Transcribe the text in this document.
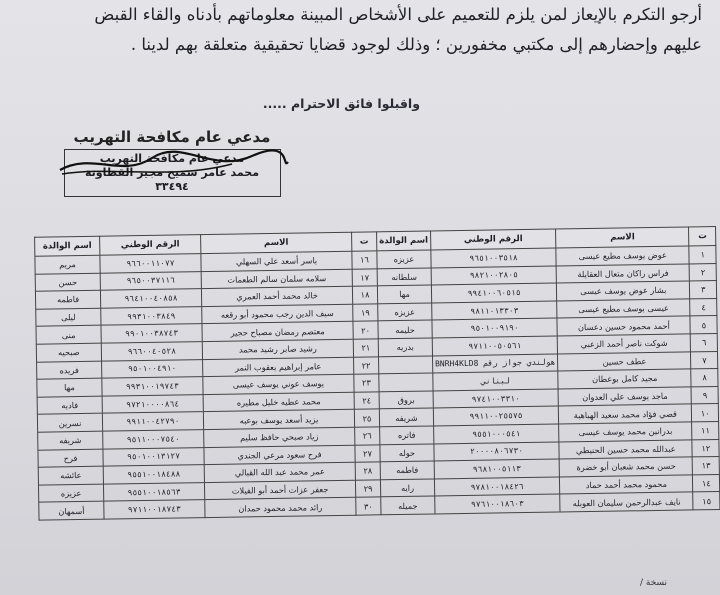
أرجو التكرم بالإيعاز لمن يلزم للتعميم على الأشخاص المبينة معلوماتهم بأدناه والقاء القبض

عليهم وإحضارهم إلى مكتبي مخفورين ؛ وذلك لوجود قضايا تحقيقية متعلقة بهم لدينا .

واقبلوا فائق الاحترام .....
مدعي عام مكافحة التهريب
مدعي عام مكافحة التهريب
محمد عامر سميح مجير القطاونة
٣٣٤٩٤
ت	الاسم	الرقم الوطني	اسم الوالدة	ت	الاسم	الرقم الوطني	اسم الوالدة
١	عوض يوسف مطيع عيسى	٩٦٥١٠٠٣٥١٨	عزيزه	١٦	ياسر أسعد علي السهلي	٩٦٦٠٠١١٠٧٧	مريم
٢	فراس راكان متعال العقايلة	٩٨٢١٠٠٢٨٠٥	سلطانه	١٧	سلامه سلمان سالم الطعمات	٩٦٥٠٠٣٧١١٦	حسن
٣	بشار عوض يوسف عيسى	٩٩٤١٠٠٦٠٥١٥	مها	١٨	خالد محمد أحمد العمري	٩٦٤١٠٠٤٠٨٥٨	فاطمه
٤	عيسى يوسف مطيع عيسى	٩٨١١٠١٣٣٠٣	عزيزه	١٩	سيف الدين رجب محمود أبو رقعه	٩٩٣١٠٠٣٨٤٩	ليلى
٥	أحمد محمود حسين دعسان	٩٥٠١٠٠٩١٩٠	حليمه	٢٠	معتصم رمضان مصباح حجير	٩٩٠١٠٠٣٨٧٤٣	منى
٦	شوكت ناصر أحمد الزعبي	٩٧١١٠٠٥٠٥٦١	بدريه	٢١	رشيد صابر رشيد محمد	٩٦٦٠٠٤٠٥٢٨	صبحيه
٧	عطف حسين	هولندي جواز رقم BNRH4KLD8		٢٢	عامر إبراهيم يعقوب النمر	٩٥٠١٠٠٤٩١٠	فريده
٨	مجيد كامل بوعطان	لبناني		٢٣	يوسف عوني يوسف عيسى	٩٩٣١٠٠١٩٧٤٣	مها
٩	ماجد يوسف علي العدوان	٩٧٤١٠٠٣٣١٠	بروق	٢٤	محمد عطيه خليل مطيره	٩٧٢١٠٠٠٠٨٦٤	فاديه
١٠	قصي فؤاد محمد سعيد الهباهبة	٩٩١١٠٠٢٥٥٧٥	شريفه	٢٥	يزيد أسعد يوسف بوعبه	٩٩١١٠٠٤٢٧٩٠	نسرين
١١	بدرانين محمد يوسف عيسى	٩٥٥١٠٠٠٥٤١	فاتره	٢٦	زياد صبحي حافظ سليم	٩٥١١٠٠٠٧٥٤٠	شريفه
١٢	عبدالله محمد حسين الحنيطي	٢٠٠٠٠٨٠٦٧٣٠	حوله	٢٧	فرح سعود مرعي الجندي	٩٥٠١٠٠١٣١٢٧	فرح
١٣	حسن محمد شعبان أبو خضرة	٩٦٨١٠٠٥١١٣	فاطمه	٢٨	عمر محمد عبد الله القبالي	٩٥٥١٠٠١٨٤٨٨	عائشه
١٤	محمود محمد أحمد حماد	٩٧٨١٠٠١٨٤٢٦	رايه	٢٩	جعفر عزات أحمد أبو الفيلات	٩٥٥١٠٠١٨٥٦٣	عزيزه
١٥	نايف عبدالرحمن سليمان العوبله	٩٧٦١٠٠١٨٦٠٣	جميله	٣٠	رائد محمد محمود حمدان	٩٧١١٠٠١٨٧٤٣	أسمهان
نسخة /
